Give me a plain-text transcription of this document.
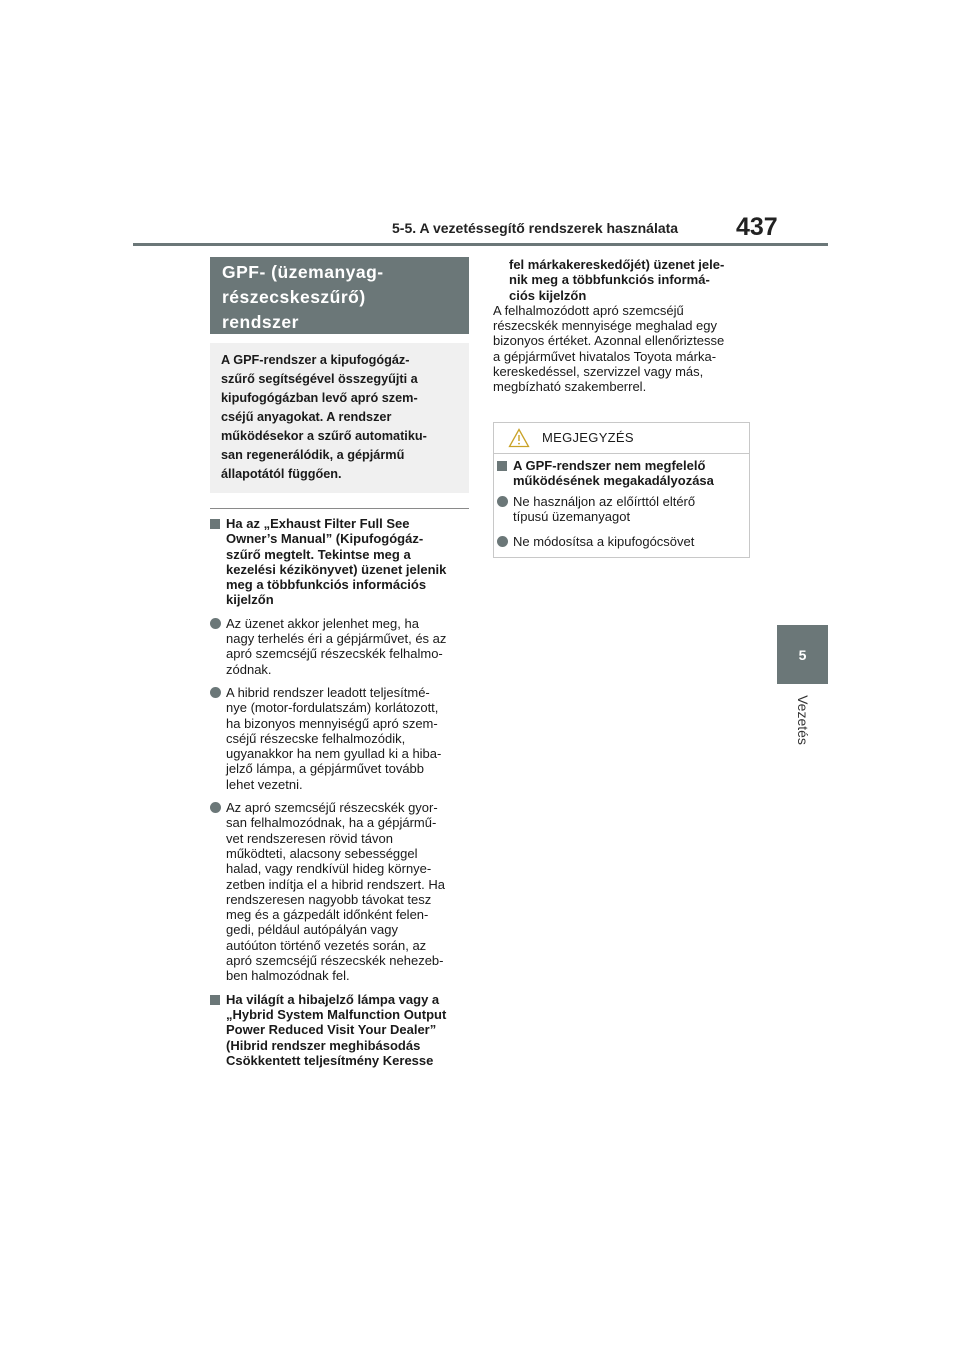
5-5. A vezetéssegítő rendszerek használata	437
5
Vezetés
GPF- (üzemanyag-
részecskeszűrő)
rendszer

A GPF-rendszer a kipufogógáz-

szűrő segítségével összegyűjti a

kipufogógázban levő apró szem-

cséjű anyagokat. A rendszer

működésekor a szűrő automatiku-

san regenerálódik, a gépjármű

állapotától függően.

Ha az „Exhaust Filter Full See

Owner’s Manual” (Kipufogógáz-

szűrő megtelt. Tekintse meg a

kezelési kézikönyvet) üzenet jelenik

meg a többfunkciós információs

kijelzőn

Az üzenet akkor jelenhet meg, ha

nagy terhelés éri a gépjárművet, és az

apró szemcséjű részecskék felhalmo-

zódnak.

A hibrid rendszer leadott teljesítmé-

nye (motor-fordulatszám) korlátozott,

ha bizonyos mennyiségű apró szem-

cséjű részecske felhalmozódik,

ugyanakkor ha nem gyullad ki a hiba-

jelző lámpa, a gépjárművet tovább

lehet vezetni.

Az apró szemcséjű részecskék gyor-

san felhalmozódnak, ha a gépjármű-

vet rendszeresen rövid távon

működteti, alacsony sebességgel

halad, vagy rendkívül hideg környe-

zetben indítja el a hibrid rendszert. Ha

rendszeresen nagyobb távokat tesz

meg és a gázpedált időnként felen-

gedi, például autópályán vagy

autóúton történő vezetés során, az

apró szemcséjű részecskék nehezeb-

ben halmozódnak fel.

Ha világít a hibajelző lámpa vagy a

„Hybrid System Malfunction Output

Power Reduced Visit Your Dealer”

(Hibrid rendszer meghibásodás

Csökkentett teljesítmény Keresse

fel márkakereskedőjét) üzenet jele-

nik meg a többfunkciós informá-

ciós kijelzőn

A felhalmozódott apró szemcséjű

részecskék mennyisége meghalad egy

bizonyos értéket. Azonnal ellenőriztesse

a gépjárművet hivatalos Toyota márka-

kereskedéssel, szervizzel vagy más,

megbízható szakemberrel.

MEGJEGYZÉS

A GPF-rendszer nem megfelelő

működésének megakadályozása

Ne használjon az előírttól eltérő

típusú üzemanyagot

Ne módosítsa a kipufogócsövet
